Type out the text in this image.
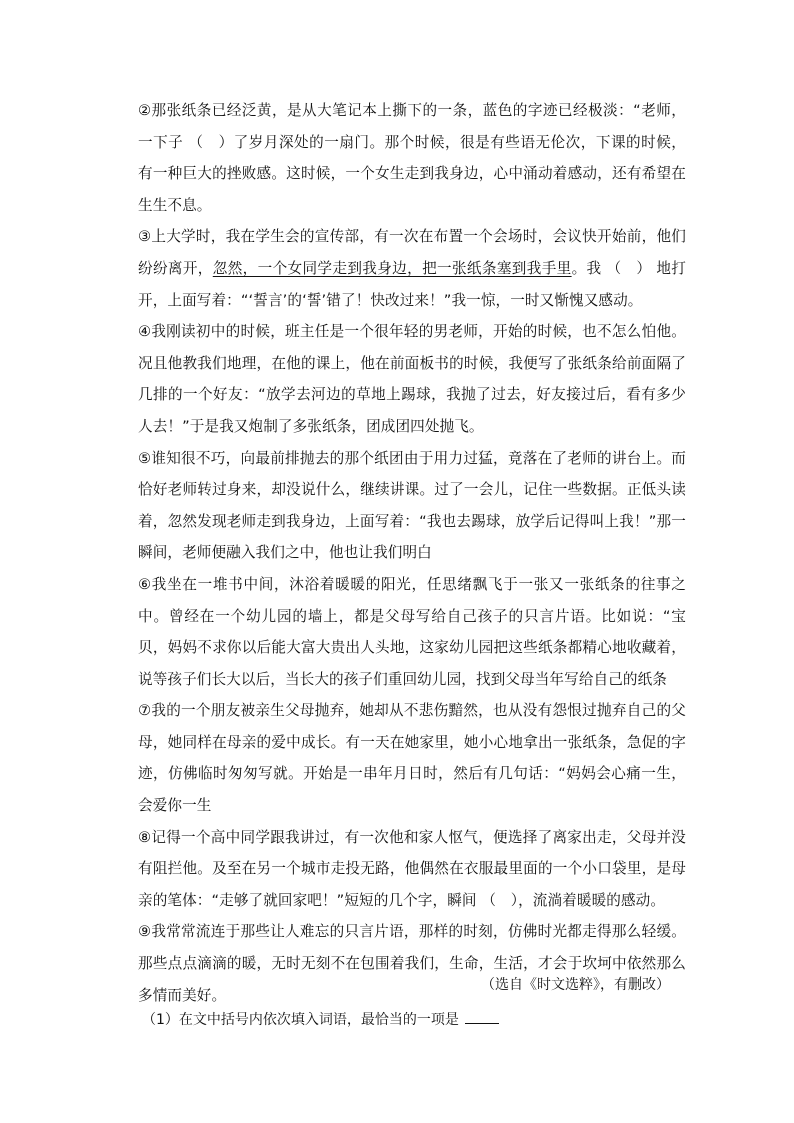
②那张纸条已经泛黄，是从大笔记本上撕下的一条，蓝色的字迹已经极淡：“老师，一下子 （　）了岁月深处的一扇门。那个时候，很是有些语无伦次，下课的时候，有一种巨大的挫败感。这时候，一个女生走到我身边，心中涌动着感动，还有希望在生生不息。

③上大学时，我在学生会的宣传部，有一次在布置一个会场时，会议快开始前，他们纷纷离开，忽然，一个女同学走到我身边，把一张纸条塞到我手里。我 （　） 地打开，上面写着：“‘誓言’的‘誓’错了！快改过来！”我一惊，一时又惭愧又感动。

④我刚读初中的时候，班主任是一个很年轻的男老师，开始的时候，也不怎么怕他。况且他教我们地理，在他的课上，他在前面板书的时候，我便写了张纸条给前面隔了几排的一个好友：“放学去河边的草地上踢球，我抛了过去，好友接过后，看有多少人去！”于是我又炮制了多张纸条，团成团四处抛飞。

⑤谁知很不巧，向最前排抛去的那个纸团由于用力过猛，竟落在了老师的讲台上。而恰好老师转过身来，却没说什么，继续讲课。过了一会儿，记住一些数据。正低头读着，忽然发现老师走到我身边，上面写着：“我也去踢球，放学后记得叫上我！”那一瞬间，老师便融入我们之中，他也让我们明白

⑥我坐在一堆书中间，沐浴着暖暖的阳光，任思绪飘飞于一张又一张纸条的往事之中。曾经在一个幼儿园的墙上，都是父母写给自己孩子的只言片语。比如说：“宝贝，妈妈不求你以后能大富大贵出人头地，这家幼儿园把这些纸条都精心地收藏着，说等孩子们长大以后，当长大的孩子们重回幼儿园，找到父母当年写给自己的纸条

⑦我的一个朋友被亲生父母抛弃，她却从不悲伤黯然，也从没有怨恨过抛弃自己的父母，她同样在母亲的爱中成长。有一天在她家里，她小心地拿出一张纸条，急促的字迹，仿佛临时匆匆写就。开始是一串年月日时，然后有几句话：“妈妈会心痛一生，会爱你一生

⑧记得一个高中同学跟我讲过，有一次他和家人怄气，便选择了离家出走，父母并没有阻拦他。及至在另一个城市走投无路，他偶然在衣服最里面的一个小口袋里，是母亲的笔体：“走够了就回家吧！”短短的几个字，瞬间 （　），流淌着暖暖的感动。

⑨我常常流连于那些让人难忘的只言片语，那样的时刻，仿佛时光都走得那么轻缓。那些点点滴滴的暖，无时无刻不在包围着我们，生命，生活，才会于坎坷中依然那么多情而美好。

（选自《时文选粹》，有删改）
（1）在文中括号内依次填入词语，最恰当的一项是
